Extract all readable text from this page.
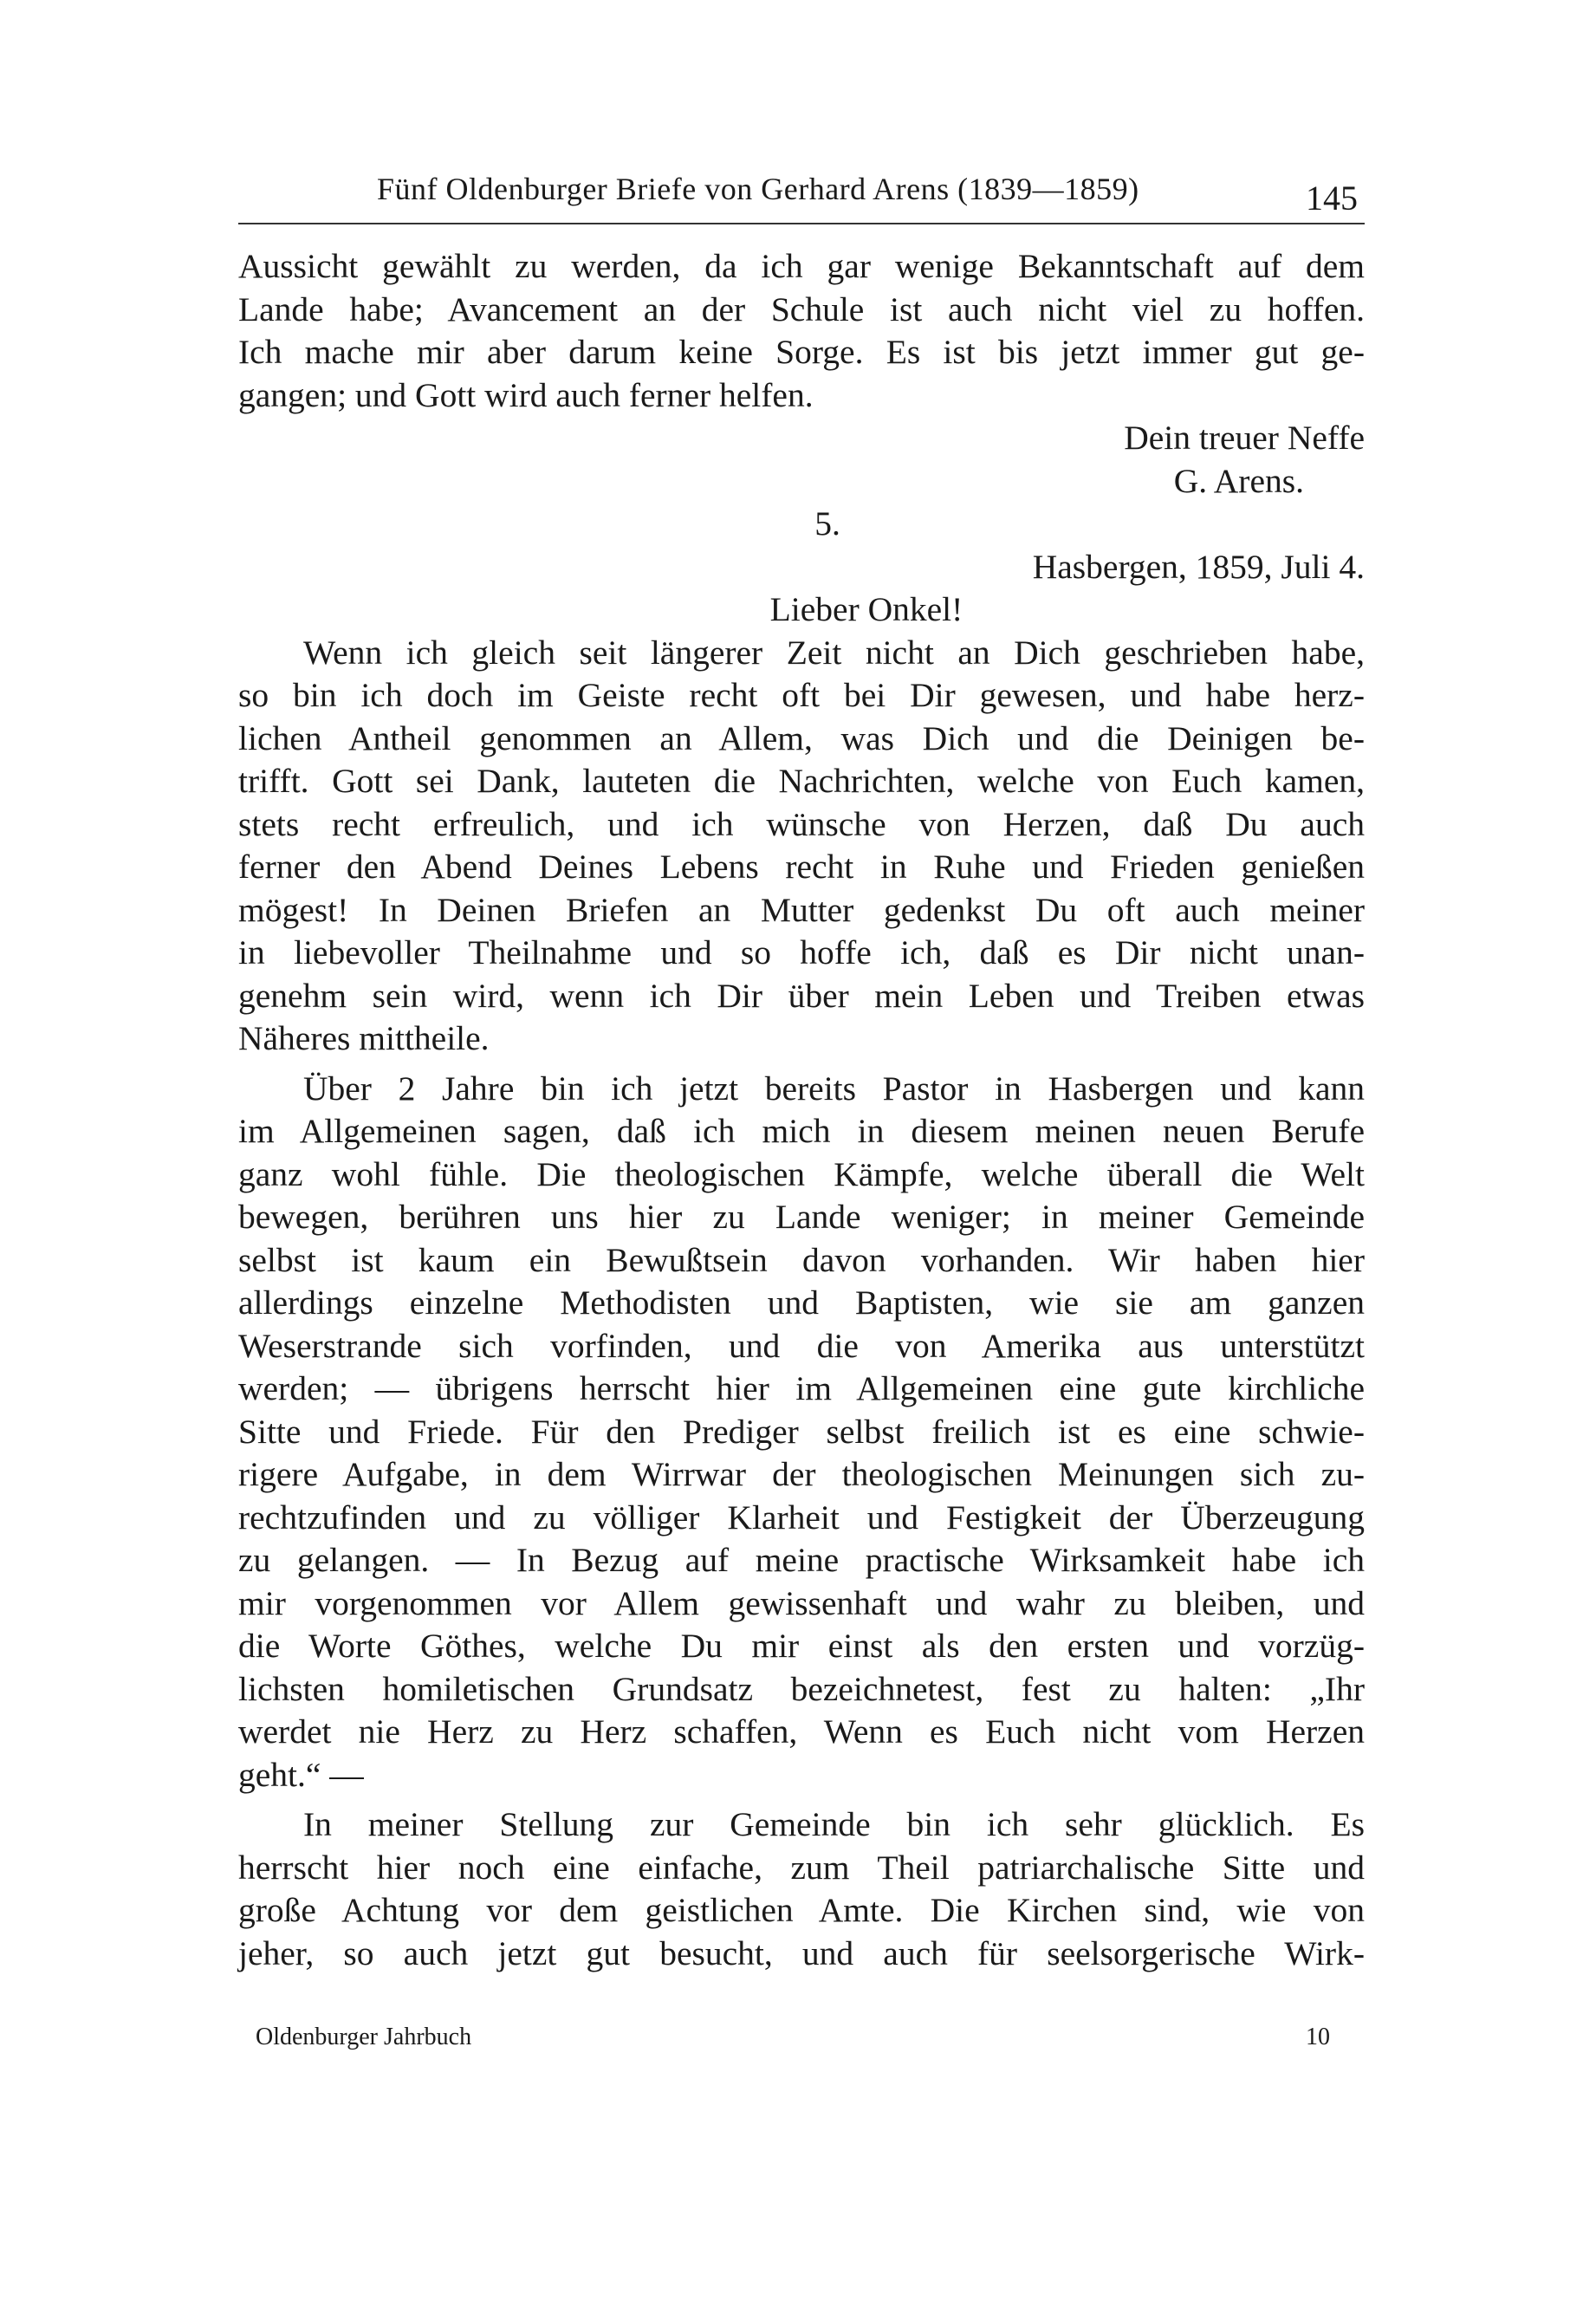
Fünf Oldenburger Briefe von Gerhard Arens (1839—1859)	145
Aussicht gewählt zu werden, da ich gar wenige Bekanntschaft auf dem
Lande habe; Avancement an der Schule ist auch nicht viel zu hoffen.
Ich mache mir aber darum keine Sorge. Es ist bis jetzt immer gut ge-
gangen; und Gott wird auch ferner helfen.
Dein treuer Neffe
G. Arens.
5.
Hasbergen, 1859, Juli 4.
Lieber Onkel!
Wenn ich gleich seit längerer Zeit nicht an Dich geschrieben habe,
so bin ich doch im Geiste recht oft bei Dir gewesen, und habe herz-
lichen Antheil genommen an Allem, was Dich und die Deinigen be-
trifft. Gott sei Dank, lauteten die Nachrichten, welche von Euch kamen,
stets recht erfreulich, und ich wünsche von Herzen, daß Du auch
ferner den Abend Deines Lebens recht in Ruhe und Frieden genießen
mögest! In Deinen Briefen an Mutter gedenkst Du oft auch meiner
in liebevoller Theilnahme und so hoffe ich, daß es Dir nicht unan-
genehm sein wird, wenn ich Dir über mein Leben und Treiben etwas
Näheres mittheile.
Über 2 Jahre bin ich jetzt bereits Pastor in Hasbergen und kann
im Allgemeinen sagen, daß ich mich in diesem meinen neuen Berufe
ganz wohl fühle. Die theologischen Kämpfe, welche überall die Welt
bewegen, berühren uns hier zu Lande weniger; in meiner Gemeinde
selbst ist kaum ein Bewußtsein davon vorhanden. Wir haben hier
allerdings einzelne Methodisten und Baptisten, wie sie am ganzen
Weserstrande sich vorfinden, und die von Amerika aus unterstützt
werden; — übrigens herrscht hier im Allgemeinen eine gute kirchliche
Sitte und Friede. Für den Prediger selbst freilich ist es eine schwie-
rigere Aufgabe, in dem Wirrwar der theologischen Meinungen sich zu-
rechtzufinden und zu völliger Klarheit und Festigkeit der Überzeugung
zu gelangen. — In Bezug auf meine practische Wirksamkeit habe ich
mir vorgenommen vor Allem gewissenhaft und wahr zu bleiben, und
die Worte Göthes, welche Du mir einst als den ersten und vorzüg-
lichsten homiletischen Grundsatz bezeichnetest, fest zu halten: „Ihr
werdet nie Herz zu Herz schaffen, Wenn es Euch nicht vom Herzen
geht.“ —
In meiner Stellung zur Gemeinde bin ich sehr glücklich. Es
herrscht hier noch eine einfache, zum Theil patriarchalische Sitte und
große Achtung vor dem geistlichen Amte. Die Kirchen sind, wie von
jeher, so auch jetzt gut besucht, und auch für seelsorgerische Wirk-
Oldenburger Jahrbuch	10
